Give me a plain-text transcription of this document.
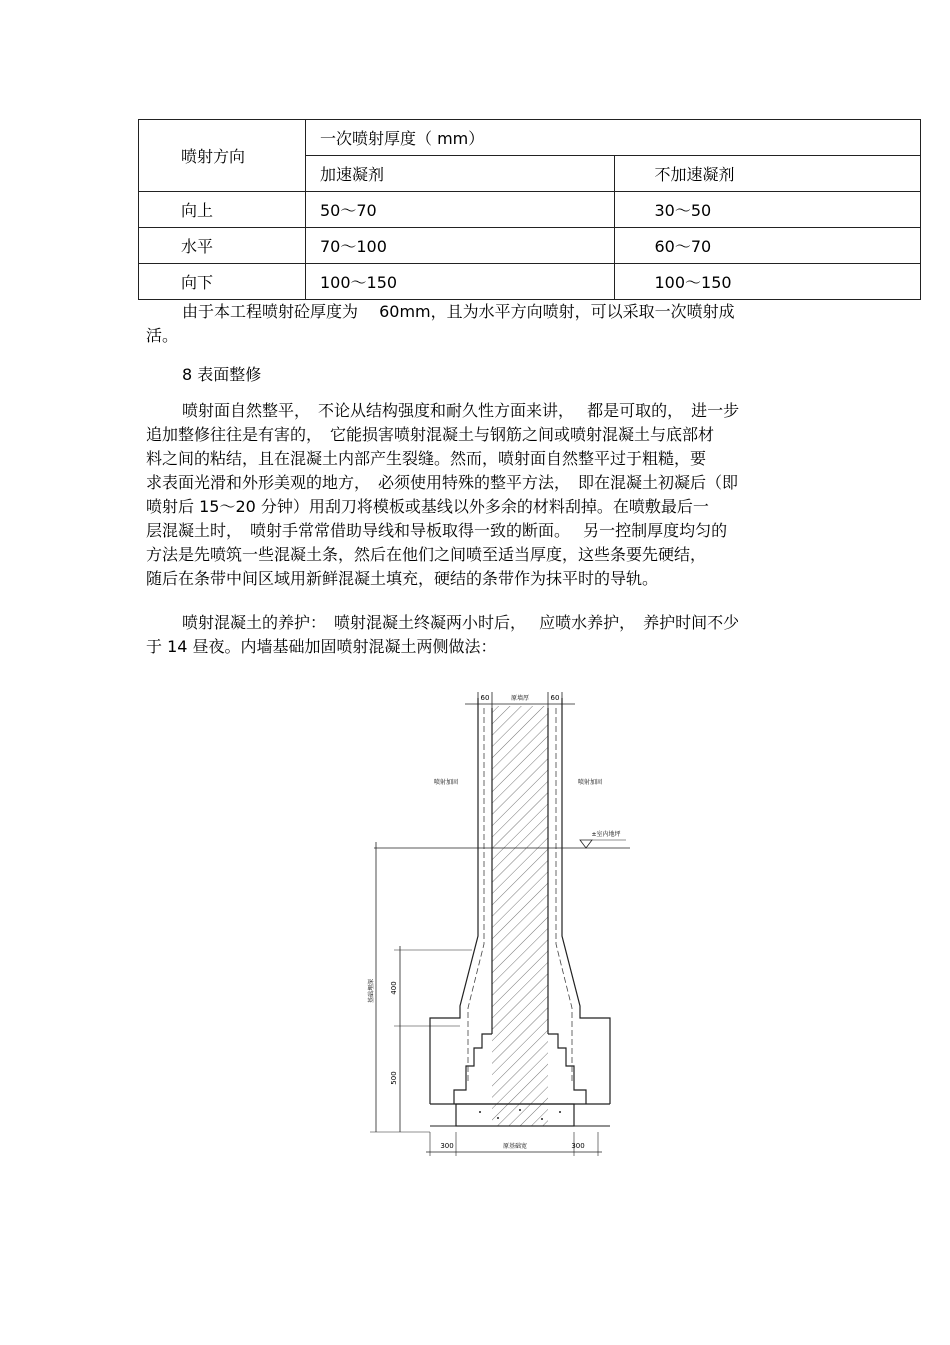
喷射方向	一次喷射厚度（ mm）	
	加速凝剂	不加速凝剂
向上	50～70	30～50
水平	70～100	60～70
向下	100～150	100～150
由于本工程喷射砼厚度为　 60mm，且为水平方向喷射，可以采取一次喷射成
活。
8 表面整修
喷射面自然整平，　不论从结构强度和耐久性方面来讲，　 都是可取的，　进一步
追加整修往往是有害的，　它能损害喷射混凝土与钢筋之间或喷射混凝土与底部材
料之间的粘结，且在混凝土内部产生裂缝。然而，喷射面自然整平过于粗糙，要
求表面光滑和外形美观的地方，　必须使用特殊的整平方法，　即在混凝土初凝后（即
喷射后 15～20 分钟）用刮刀将模板或基线以外多余的材料刮掉。在喷敷最后一
层混凝土时，　喷射手常常借助导线和导板取得一致的断面。　 另一控制厚度均匀的
方法是先喷筑一些混凝土条，然后在他们之间喷至适当厚度，这些条要先硬结，
随后在条带中间区域用新鲜混凝土填充，硬结的条带作为抹平时的导轨。
喷射混凝土的养护：　喷射混凝土终凝两小时后，　 应喷水养护，　养护时间不少
于 14 昼夜。内墙基础加固喷射混凝土两侧做法：
60	原墙厚	60
喷射加固	喷射加固
±室内地坪
基础埋深 400
500
300	原基础宽	300
